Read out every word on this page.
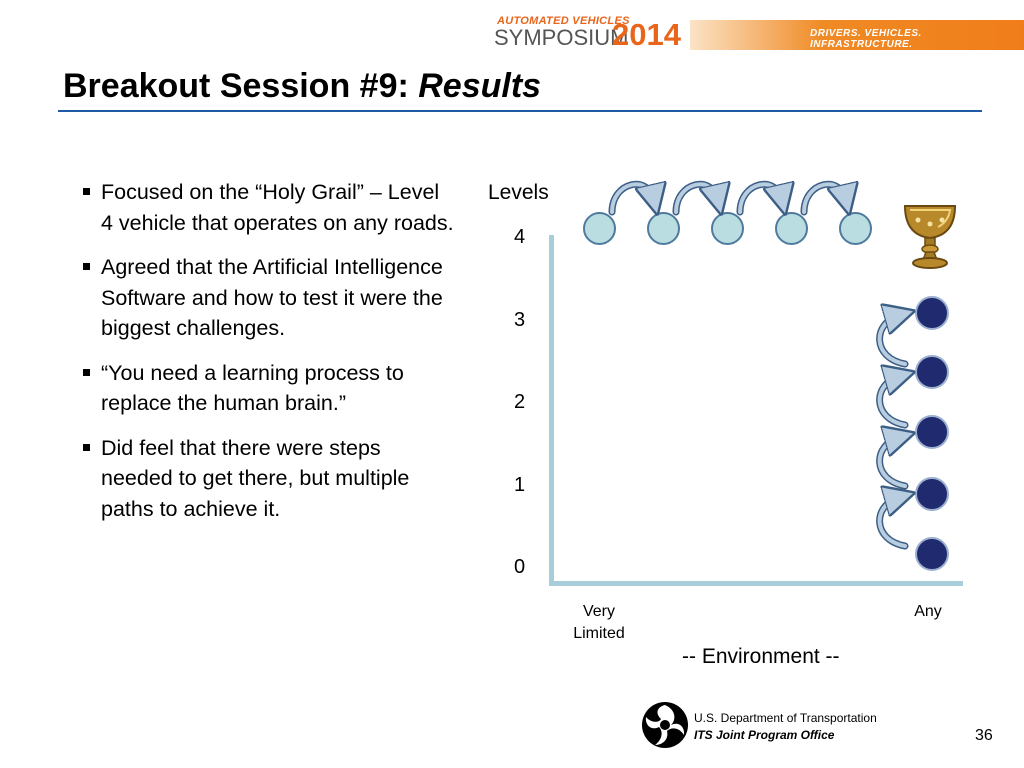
DRIVERS. VEHICLES. INFRASTRUCTURE.
AUTOMATED VEHICLES
SYMPOSIUM
2014
Breakout Session #9: Results
Focused on the “Holy Grail” – Level 4 vehicle that operates on any roads.
Agreed that the Artificial Intelligence Software and how to test it were the biggest challenges.
“You need a learning process to replace the human brain.”
Did feel that there were steps needed to get there, but multiple paths to achieve it.
Levels
4
3
2
1
0
Very
Limited
Any
-- Environment --
U.S. Department of Transportation
ITS Joint Program Office	36
